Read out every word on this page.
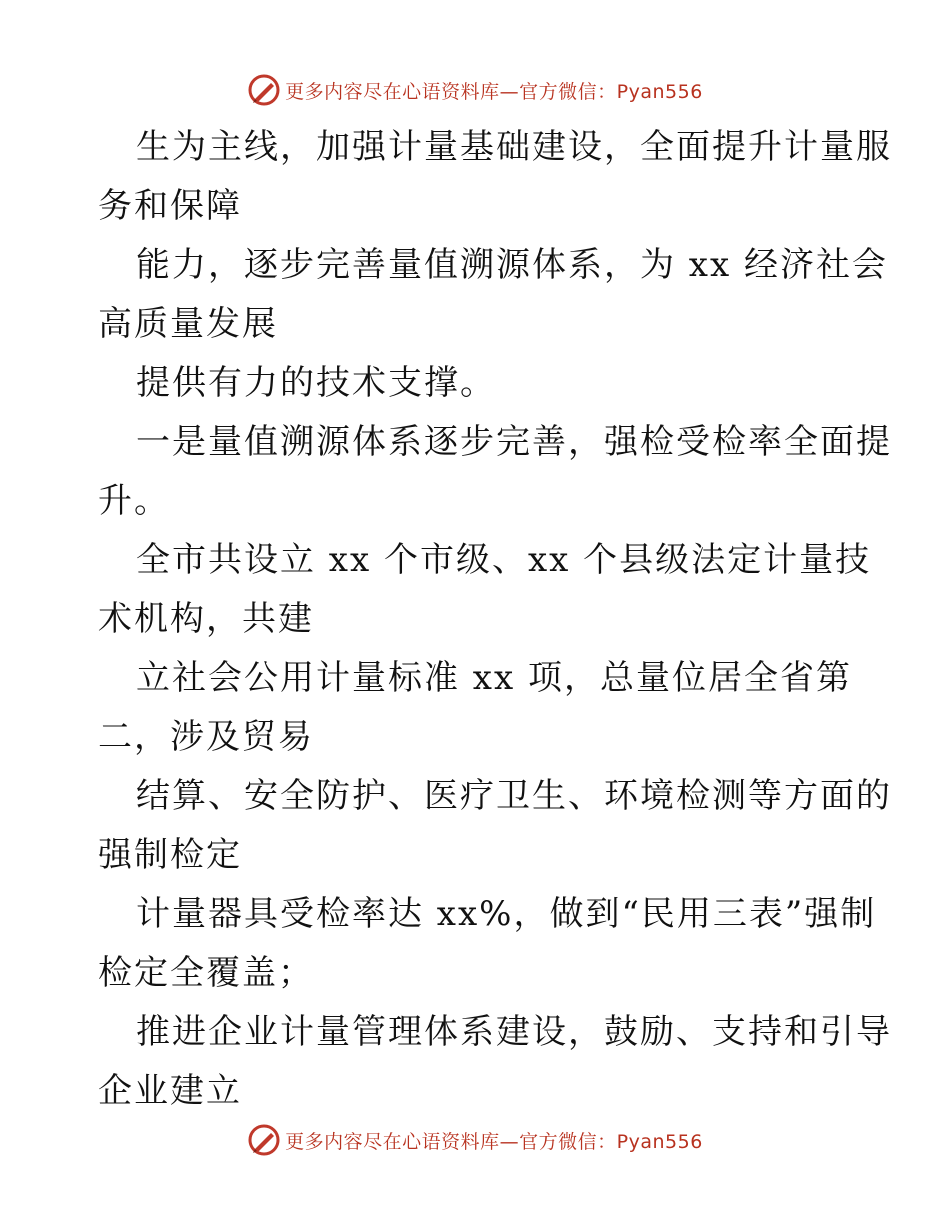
更多内容尽在心语资料库—官方微信：Pyan556
生为主线，加强计量基础建设，全面提升计量服
务和保障
能力，逐步完善量值溯源体系，为 xx 经济社会
高质量发展
提供有力的技术支撑。
一是量值溯源体系逐步完善，强检受检率全面提
升。
全市共设立 xx 个市级、xx 个县级法定计量技
术机构，共建
立社会公用计量标准 xx 项，总量位居全省第
二，涉及贸易
结算、安全防护、医疗卫生、环境检测等方面的
强制检定
计量器具受检率达 xx%，做到“民用三表”强制
检定全覆盖；
推进企业计量管理体系建设，鼓励、支持和引导
企业建立
更多内容尽在心语资料库—官方微信：Pyan556
